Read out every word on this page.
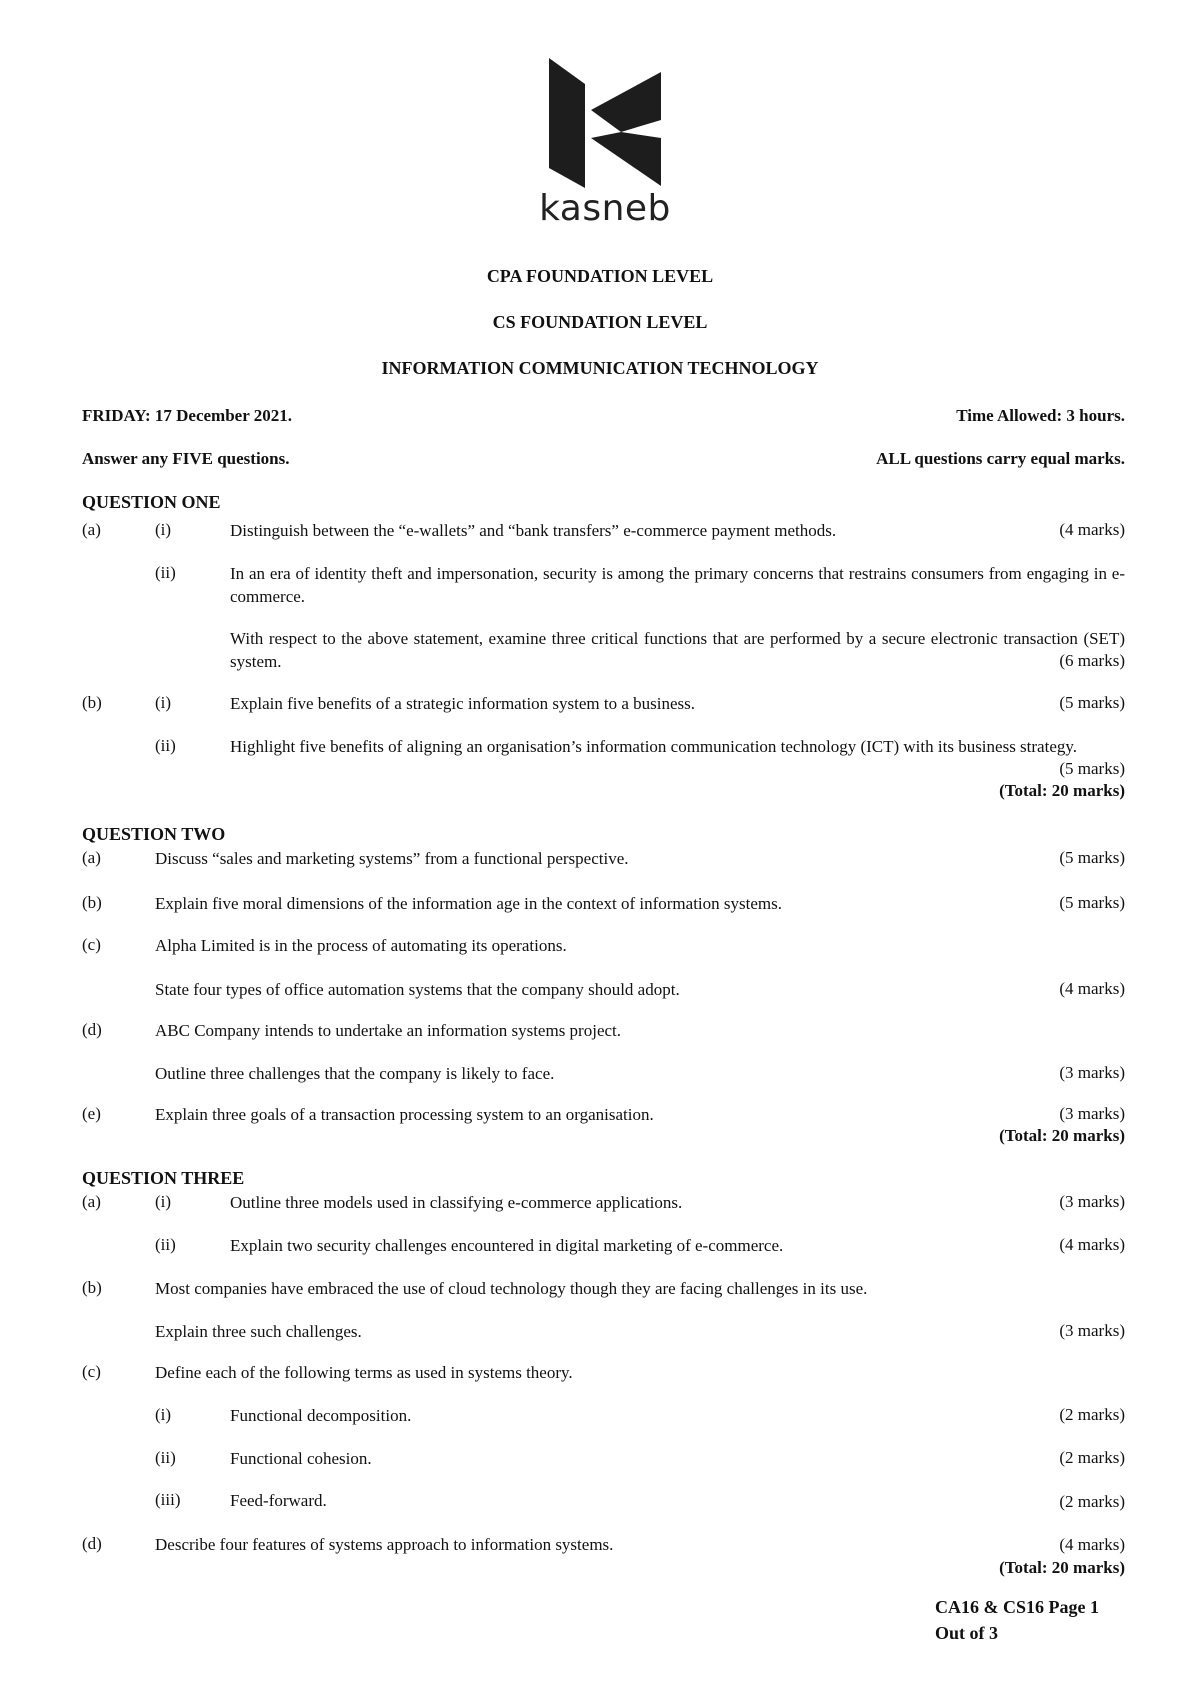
kasneb
CPA FOUNDATION LEVEL
CS FOUNDATION LEVEL
INFORMATION COMMUNICATION TECHNOLOGY
FRIDAY: 17 December 2021.	Time Allowed: 3 hours.
Answer any FIVE questions.	ALL questions carry equal marks.
QUESTION ONE
(a)	(i)	Distinguish between the “e-wallets” and “bank transfers” e-commerce payment methods.	(4 marks)
(ii)	In an era of identity theft and impersonation, security is among the primary concerns that restrains consumers from engaging in e-commerce.
With respect to the above statement, examine three critical functions that are performed by a secure electronic transaction (SET) system.	(6 marks)
(b)	(i)	Explain five benefits of a strategic information system to a business.	(5 marks)
(ii)	Highlight five benefits of aligning an organisation’s information communication technology (ICT) with its business strategy.
(5 marks)
(Total: 20 marks)
QUESTION TWO
(a)	Discuss “sales and marketing systems” from a functional perspective.	(5 marks)
(b)	Explain five moral dimensions of the information age in the context of information systems.	(5 marks)
(c)	Alpha Limited is in the process of automating its operations.
State four types of office automation systems that the company should adopt.	(4 marks)
(d)	ABC Company intends to undertake an information systems project.
Outline three challenges that the company is likely to face.	(3 marks)
(e)	Explain three goals of a transaction processing system to an organisation.	(3 marks)
(Total: 20 marks)
QUESTION THREE
(a)	(i)	Outline three models used in classifying e-commerce applications.	(3 marks)
(ii)	Explain two security challenges encountered in digital marketing of e-commerce.	(4 marks)
(b)	Most companies have embraced the use of cloud technology though they are facing challenges in its use.
Explain three such challenges.	(3 marks)
(c)	Define each of the following terms as used in systems theory.
(i)	Functional decomposition.	(2 marks)
(ii)	Functional cohesion.	(2 marks)
(iii)	Feed-forward.	(2 marks)
(d)	Describe four features of systems approach to information systems.	(4 marks)
(Total: 20 marks)
CA16 & CS16 Page 1
Out of 3
